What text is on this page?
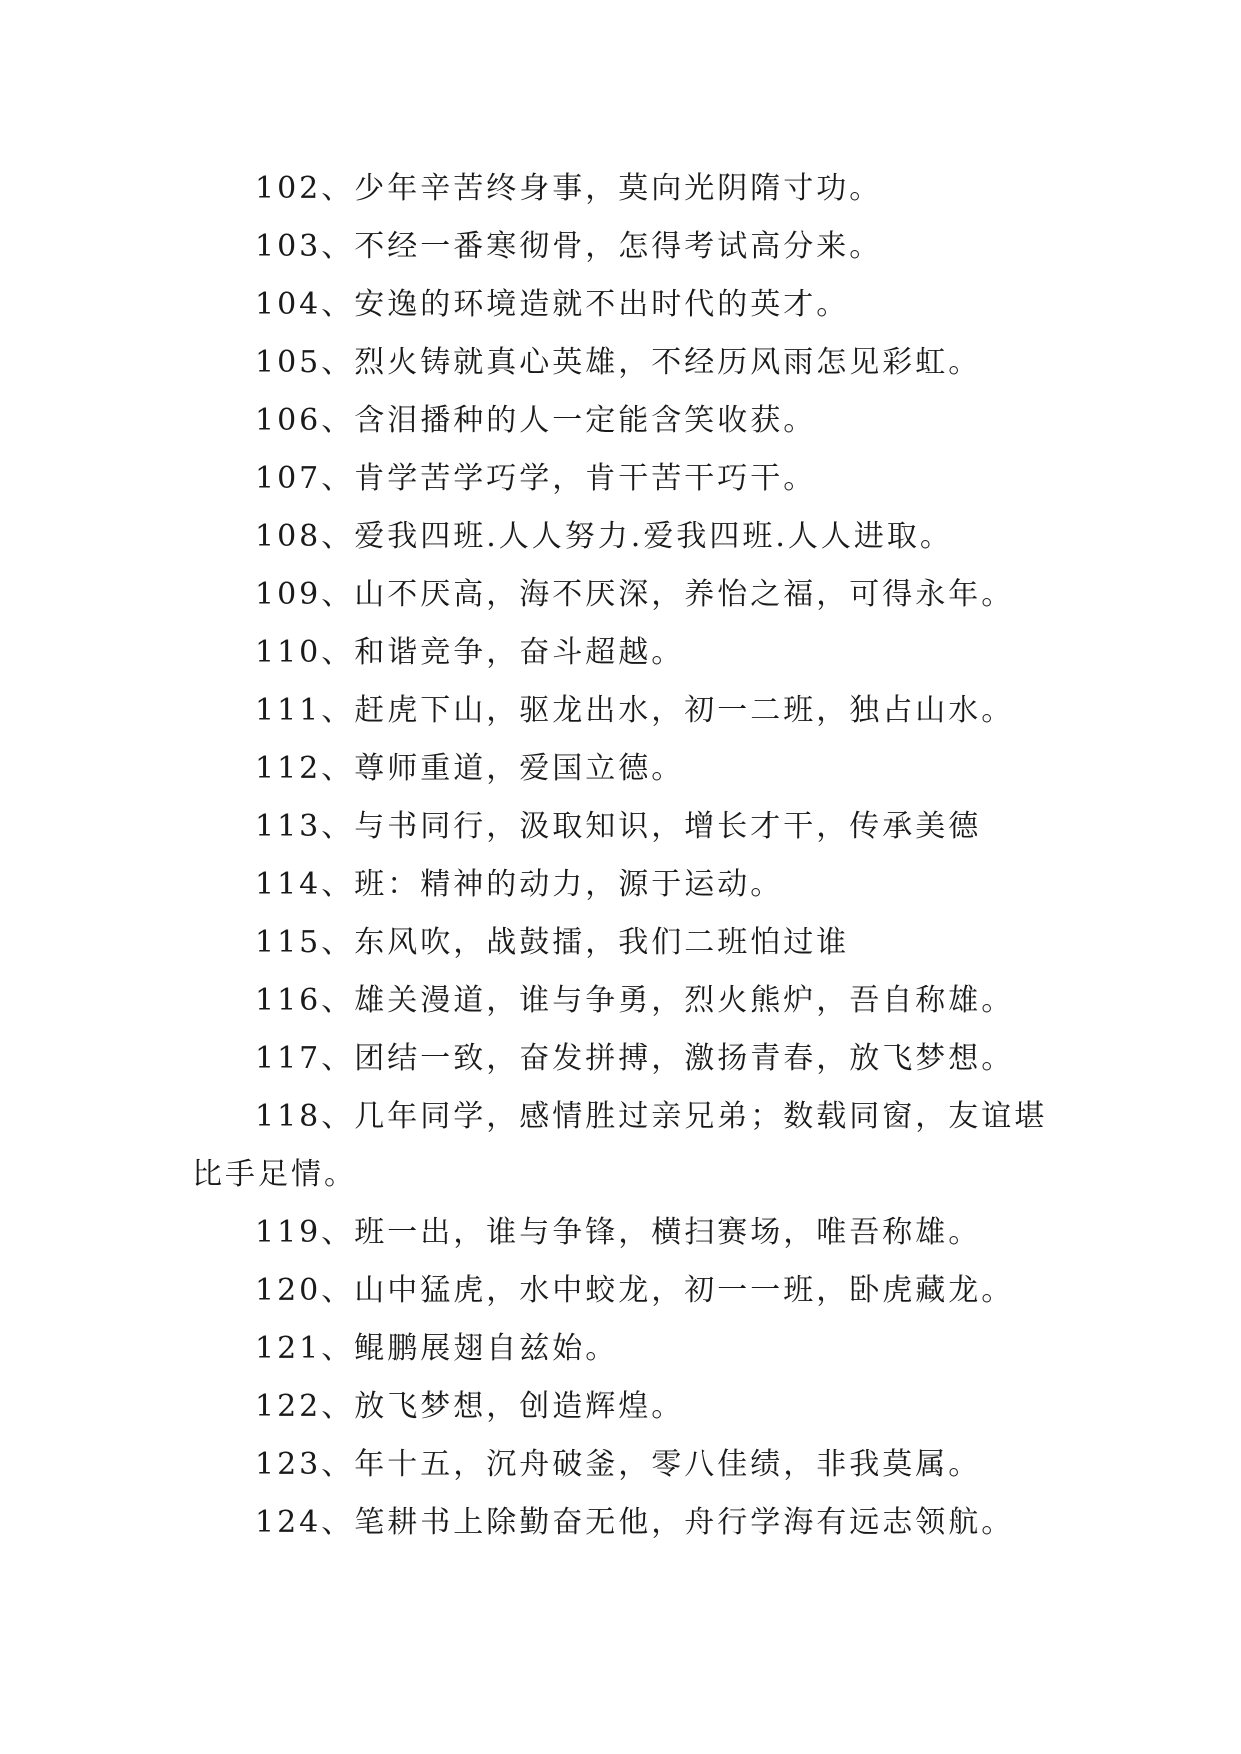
102、少年辛苦终身事，莫向光阴隋寸功。

103、不经一番寒彻骨，怎得考试高分来。

104、安逸的环境造就不出时代的英才。

105、烈火铸就真心英雄，不经历风雨怎见彩虹。

106、含泪播种的人一定能含笑收获。

107、肯学苦学巧学，肯干苦干巧干。

108、爱我四班.人人努力.爱我四班.人人进取。

109、山不厌高，海不厌深，养怡之福，可得永年。

110、和谐竞争，奋斗超越。

111、赶虎下山，驱龙出水，初一二班，独占山水。

112、尊师重道，爱国立德。

113、与书同行，汲取知识，增长才干，传承美德

114、班：精神的动力，源于运动。

115、东风吹，战鼓擂，我们二班怕过谁

116、雄关漫道，谁与争勇，烈火熊炉，吾自称雄。

117、团结一致，奋发拼搏，激扬青春，放飞梦想。

118、几年同学，感情胜过亲兄弟；数载同窗，友谊堪比手足情。

119、班一出，谁与争锋，横扫赛场，唯吾称雄。

120、山中猛虎，水中蛟龙，初一一班，卧虎藏龙。

121、鲲鹏展翅自兹始。

122、放飞梦想，创造辉煌。

123、年十五，沉舟破釜，零八佳绩，非我莫属。

124、笔耕书上除勤奋无他，舟行学海有远志领航。
